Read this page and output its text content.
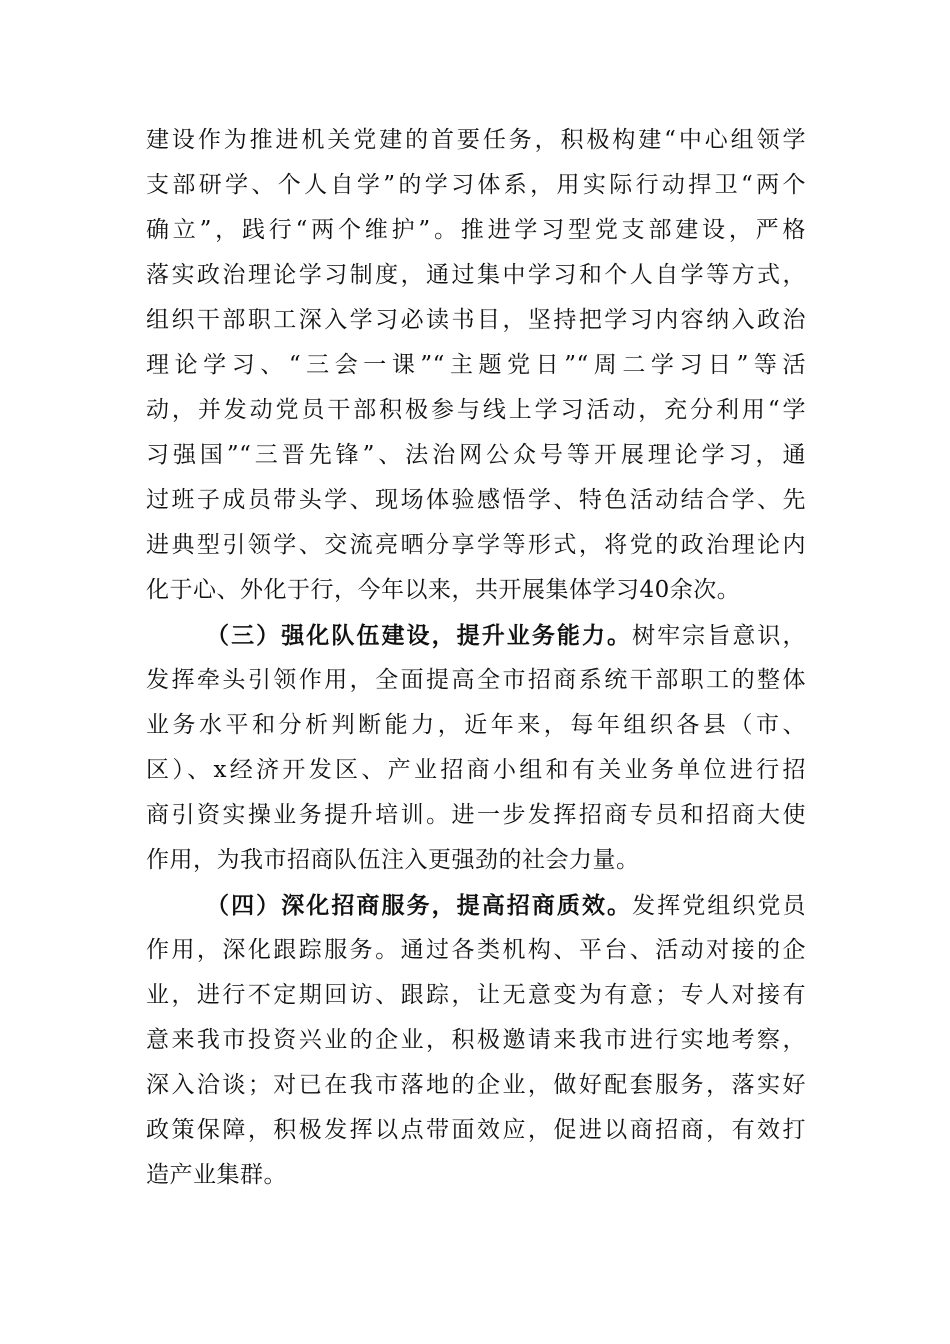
建设作为推进机关党建的首要任务，积极构建“中心组领学
支部研学、个人自学”的学习体系，用实际行动捍卫“两个
确立”，践行“两个维护”。推进学习型党支部建设，严格
落实政治理论学习制度，通过集中学习和个人自学等方式，
组织干部职工深入学习必读书目，坚持把学习内容纳入政治
理论学习、“三会一课”“主题党日”“周二学习日”等活
动，并发动党员干部积极参与线上学习活动，充分利用“学
习强国”“三晋先锋”、法治网公众号等开展理论学习，通
过班子成员带头学、现场体验感悟学、特色活动结合学、先
进典型引领学、交流亮晒分享学等形式，将党的政治理论内
化于心、外化于行，今年以来，共开展集体学习40余次。
（三）强化队伍建设，提升业务能力。树牢宗旨意识，
发挥牵头引领作用，全面提高全市招商系统干部职工的整体
业务水平和分析判断能力，近年来，每年组织各县（市、
区）、x经济开发区、产业招商小组和有关业务单位进行招
商引资实操业务提升培训。进一步发挥招商专员和招商大使
作用，为我市招商队伍注入更强劲的社会力量。
（四）深化招商服务，提高招商质效。发挥党组织党员
作用，深化跟踪服务。通过各类机构、平台、活动对接的企
业，进行不定期回访、跟踪，让无意变为有意；专人对接有
意来我市投资兴业的企业，积极邀请来我市进行实地考察，
深入洽谈；对已在我市落地的企业，做好配套服务，落实好
政策保障，积极发挥以点带面效应，促进以商招商，有效打
造产业集群。
